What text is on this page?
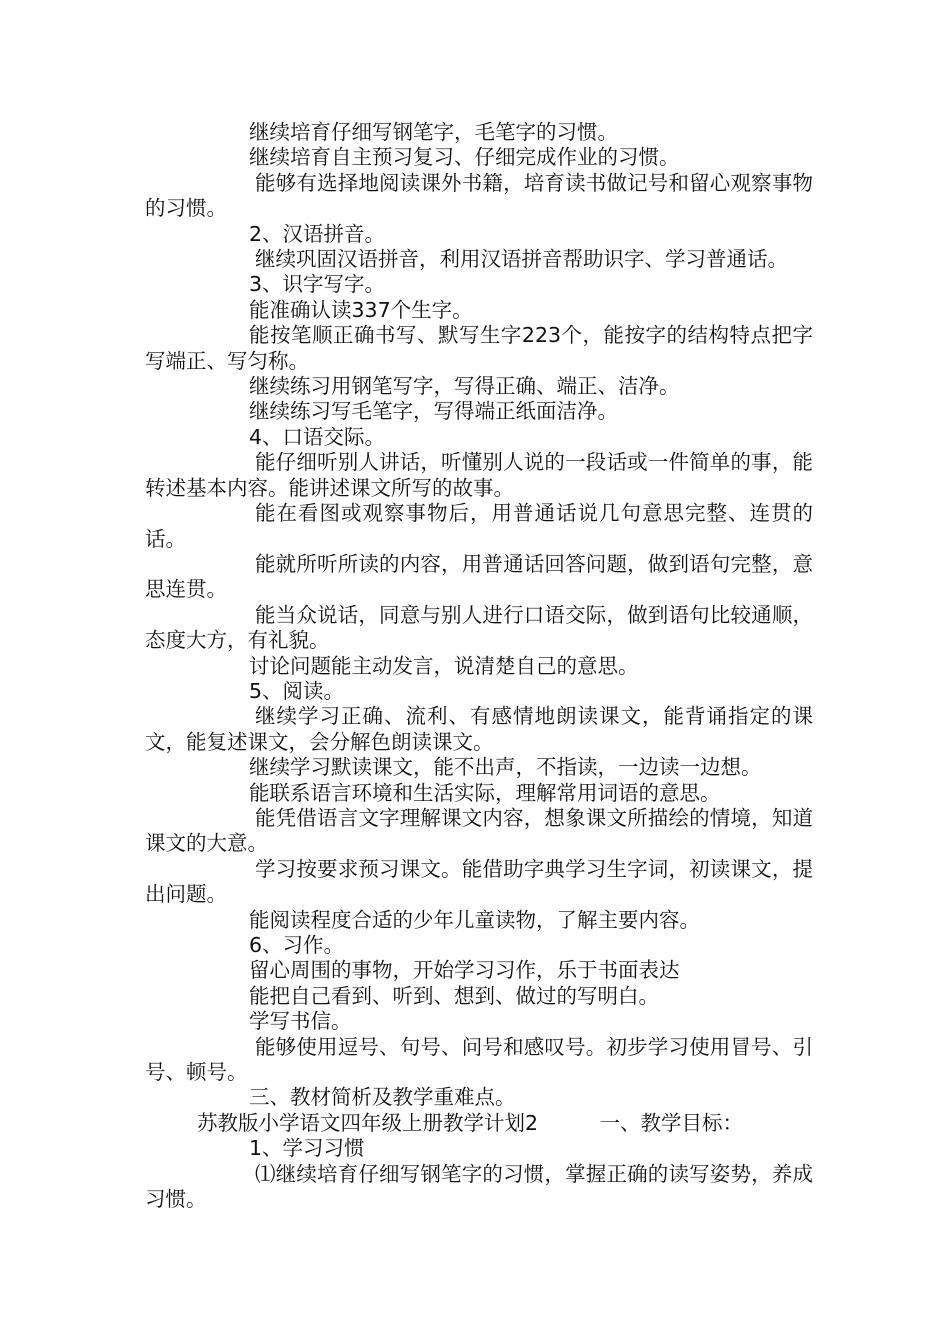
继续培育仔细写钢笔字，毛笔字的习惯。

继续培育自主预习复习、仔细完成作业的习惯。

能够有选择地阅读课外书籍，培育读书做记号和留心观察事物的习惯。

2、汉语拼音。

继续巩固汉语拼音，利用汉语拼音帮助识字、学习普通话。

3、识字写字。

能准确认读337个生字。

能按笔顺正确书写、默写生字223个，能按字的结构特点把字写端正、写匀称。

继续练习用钢笔写字，写得正确、端正、洁净。

继续练习写毛笔字，写得端正纸面洁净。

4、口语交际。

能仔细听别人讲话，听懂别人说的一段话或一件简单的事，能转述基本内容。能讲述课文所写的故事。

能在看图或观察事物后，用普通话说几句意思完整、连贯的话。

能就所听所读的内容，用普通话回答问题，做到语句完整，意思连贯。

能当众说话，同意与别人进行口语交际，做到语句比较通顺，态度大方，有礼貌。

讨论问题能主动发言，说清楚自己的意思。

5、阅读。

继续学习正确、流利、有感情地朗读课文，能背诵指定的课文，能复述课文，会分解色朗读课文。

继续学习默读课文，能不出声，不指读，一边读一边想。

能联系语言环境和生活实际，理解常用词语的意思。

能凭借语言文字理解课文内容，想象课文所描绘的情境，知道课文的大意。

学习按要求预习课文。能借助字典学习生字词，初读课文，提出问题。

能阅读程度合适的少年儿童读物，了解主要内容。

6、习作。

留心周围的事物，开始学习习作，乐于书面表达

能把自己看到、听到、想到、做过的写明白。

学写书信。

能够使用逗号、句号、问号和感叹号。初步学习使用冒号、引号、顿号。

三、教材简析及教学重难点。

苏教版小学语文四年级上册教学计划2　　　一、教学目标：

1、学习习惯

⑴继续培育仔细写钢笔字的习惯，掌握正确的读写姿势，养成习惯。
